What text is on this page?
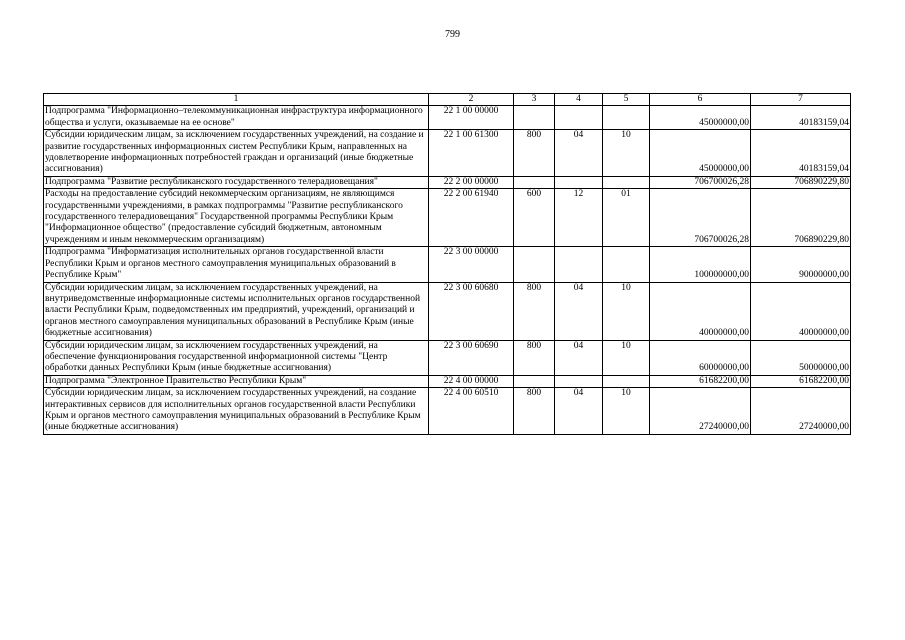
799
1	2	3	4	5	6	7
Подпрограмма "Информационно–телекоммуникационная инфраструктура информационного общества и услуги, оказываемые на ее основе"	22 1 00 00000				45000000,00	40183159,04
Субсидии юридическим лицам, за исключением государственных учреждений, на создание и развитие государственных информационных систем Республики Крым, направленных на удовлетворение информационных потребностей граждан и организаций (иные бюджетные ассигнования)	22 1 00 61300	800	04	10	45000000,00	40183159,04
Подпрограмма "Развитие республиканского государственного телерадиовещания"	22 2 00 00000				706700026,28	706890229,80
Расходы на предоставление субсидий некоммерческим организациям, не являющимся государственными учреждениями, в рамках подпрограммы "Развитие республиканского государственного телерадиовещания" Государственной программы Республики Крым "Информационное общество" (предоставление субсидий бюджетным, автономным учреждениям и иным некоммерческим организациям)	22 2 00 61940	600	12	01	706700026,28	706890229,80
Подпрограмма "Информатизация исполнительных органов государственной власти Республики Крым и органов местного самоуправления муниципальных образований в Республике Крым"	22 3 00 00000				100000000,00	90000000,00
Субсидии юридическим лицам, за исключением государственных учреждений, на внутриведомственные информационные системы исполнительных органов государственной власти Республики Крым, подведомственных им предприятий, учреждений, организаций и органов местного самоуправления муниципальных образований в Республике Крым (иные бюджетные ассигнования)	22 3 00 60680	800	04	10	40000000,00	40000000,00
Субсидии юридическим лицам, за исключением государственных учреждений, на обеспечение функционирования государственной информационной системы "Центр обработки данных Республики Крым (иные бюджетные ассигнования)	22 3 00 60690	800	04	10	60000000,00	50000000,00
Подпрограмма "Электронное Правительство Республики Крым"	22 4 00 00000				61682200,00	61682200,00
Субсидии юридическим лицам, за исключением государственных учреждений, на создание интерактивных сервисов для исполнительных органов государственной власти Республики Крым и органов местного самоуправления муниципальных образований в Республике Крым (иные бюджетные ассигнования)	22 4 00 60510	800	04	10	27240000,00	27240000,00
